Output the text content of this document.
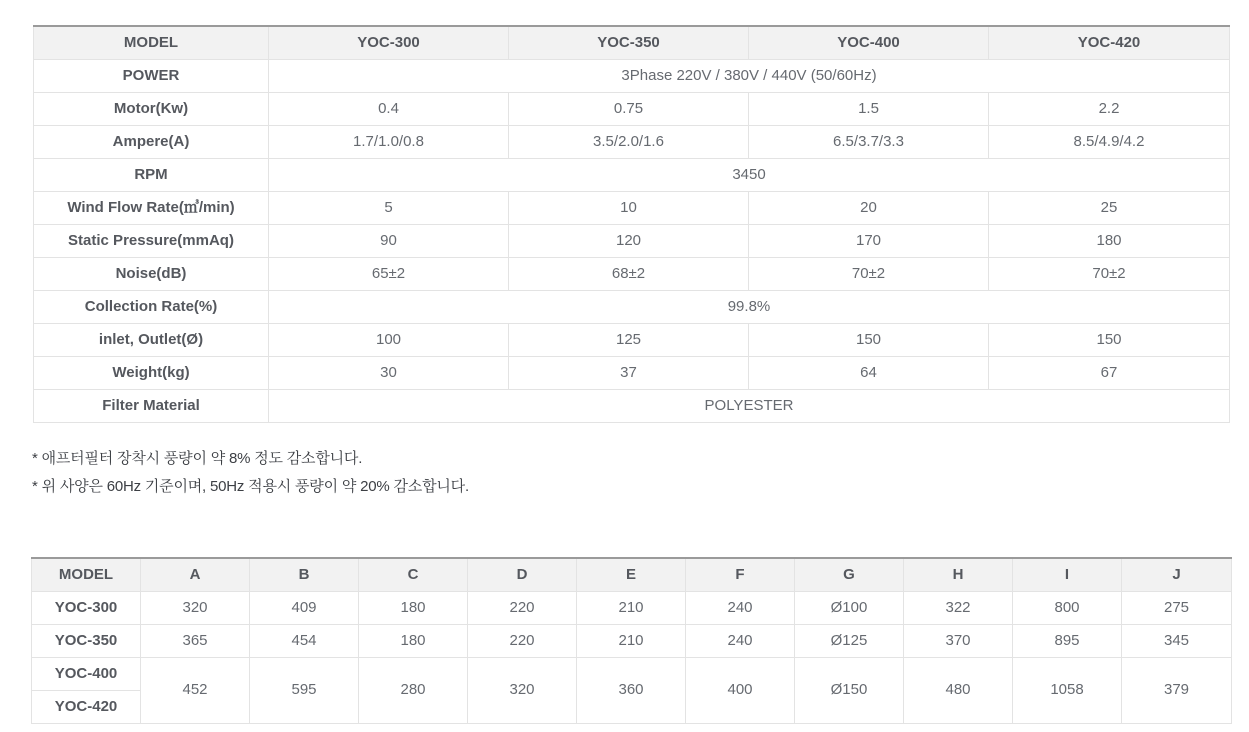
MODEL	YOC-300	YOC-350	YOC-400	YOC-420
POWER	3Phase 220V / 380V / 440V (50/60Hz)			
Motor(Kw)	0.4	0.75	1.5	2.2
Ampere(A)	1.7/1.0/0.8	3.5/2.0/1.6	6.5/3.7/3.3	8.5/4.9/4.2
RPM	3450			
Wind Flow Rate(㎥/min)	5	10	20	25
Static Pressure(mmAq)	90	120	170	180
Noise(dB)	65±2	68±2	70±2	70±2
Collection Rate(%)	99.8%			
inlet, Outlet(Ø)	100	125	150	150
Weight(kg)	30	37	64	67
Filter Material	POLYESTER			

* 애프터필터 장착시 풍량이 약 8% 정도 감소합니다.

* 위 사양은 60Hz 기준이며, 50Hz 적용시 풍량이 약 20% 감소합니다.

MODEL	A	B	C	D	E	F	G	H	I	J
YOC-300	320	409	180	220	210	240	Ø100	322	800	275
YOC-350	365	454	180	220	210	240	Ø125	370	895	345
YOC-400	452	595	280	320	360	400	Ø150	480	1058	379
YOC-420										
